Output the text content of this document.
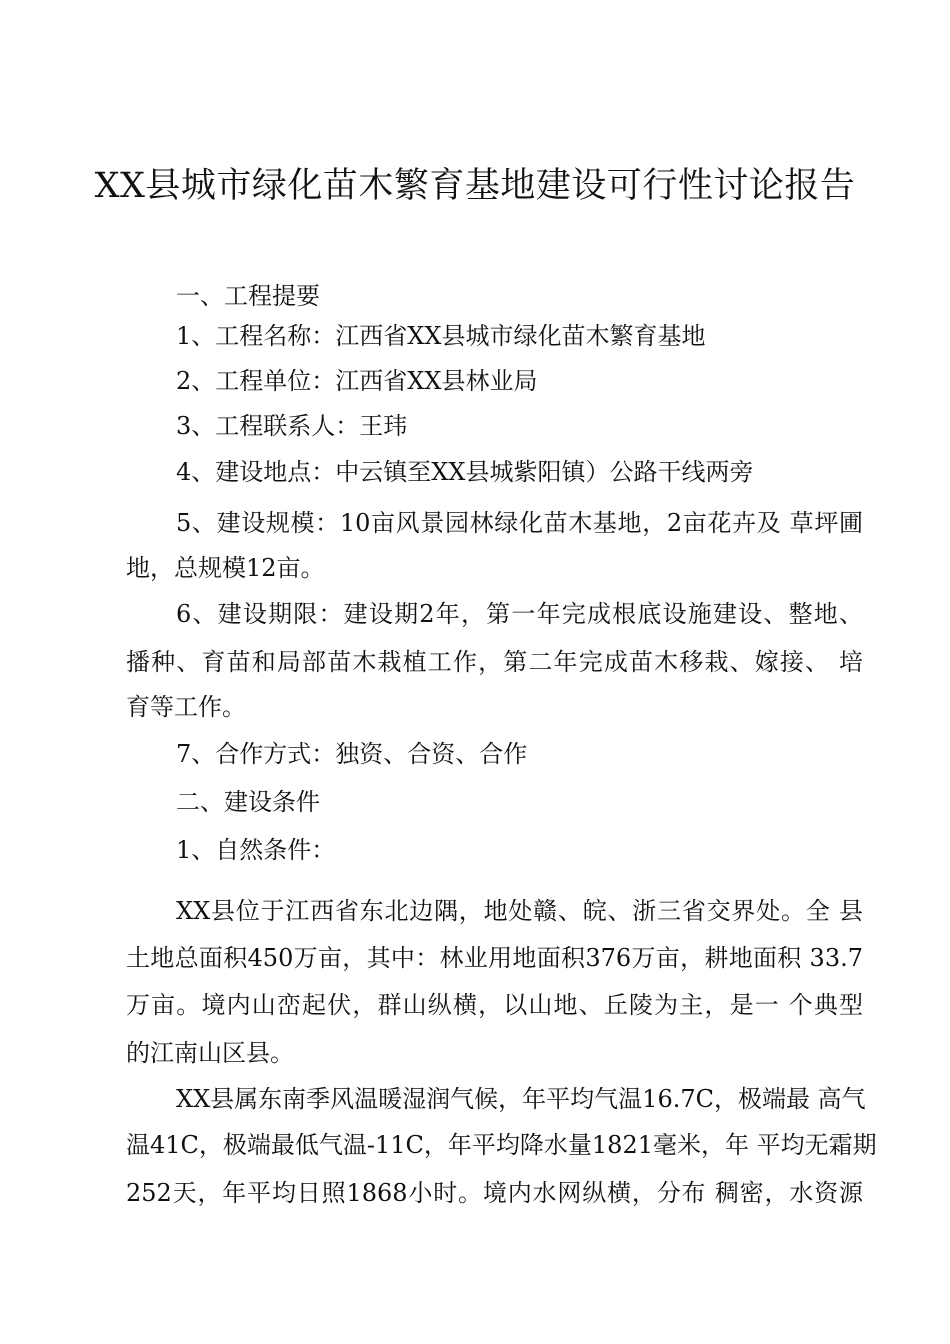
XX县城市绿化苗木繁育基地建设可行性讨论报告
一、工程提要
1、工程名称：江西省XX县城市绿化苗木繁育基地
2、工程单位：江西省XX县林业局
3、工程联系人：王玮
4、建设地点：中云镇至XX县城紫阳镇）公路干线两旁
5、建设规模：10亩风景园林绿化苗木基地，2亩花卉及 草坪圃
地，总规模12亩。
6、建设期限：建设期2年，第一年完成根底设施建设、整地、
播种、育苗和局部苗木栽植工作，第二年完成苗木移栽、嫁接、 培
育等工作。
7、合作方式：独资、合资、合作
二、建设条件
1、自然条件：
XX县位于江西省东北边隅，地处赣、皖、浙三省交界处。全 县
土地总面积450万亩，其中：林业用地面积376万亩，耕地面积 33.7
万亩。境内山峦起伏，群山纵横，以山地、丘陵为主，是一 个典型
的江南山区县。
XX县属东南季风温暖湿润气候，年平均气温16.7C，极端最 高气
温41C，极端最低气温-11C，年平均降水量1821毫米，年 平均无霜期
252天，年平均日照1868小时。境内水网纵横，分布 稠密，水资源
